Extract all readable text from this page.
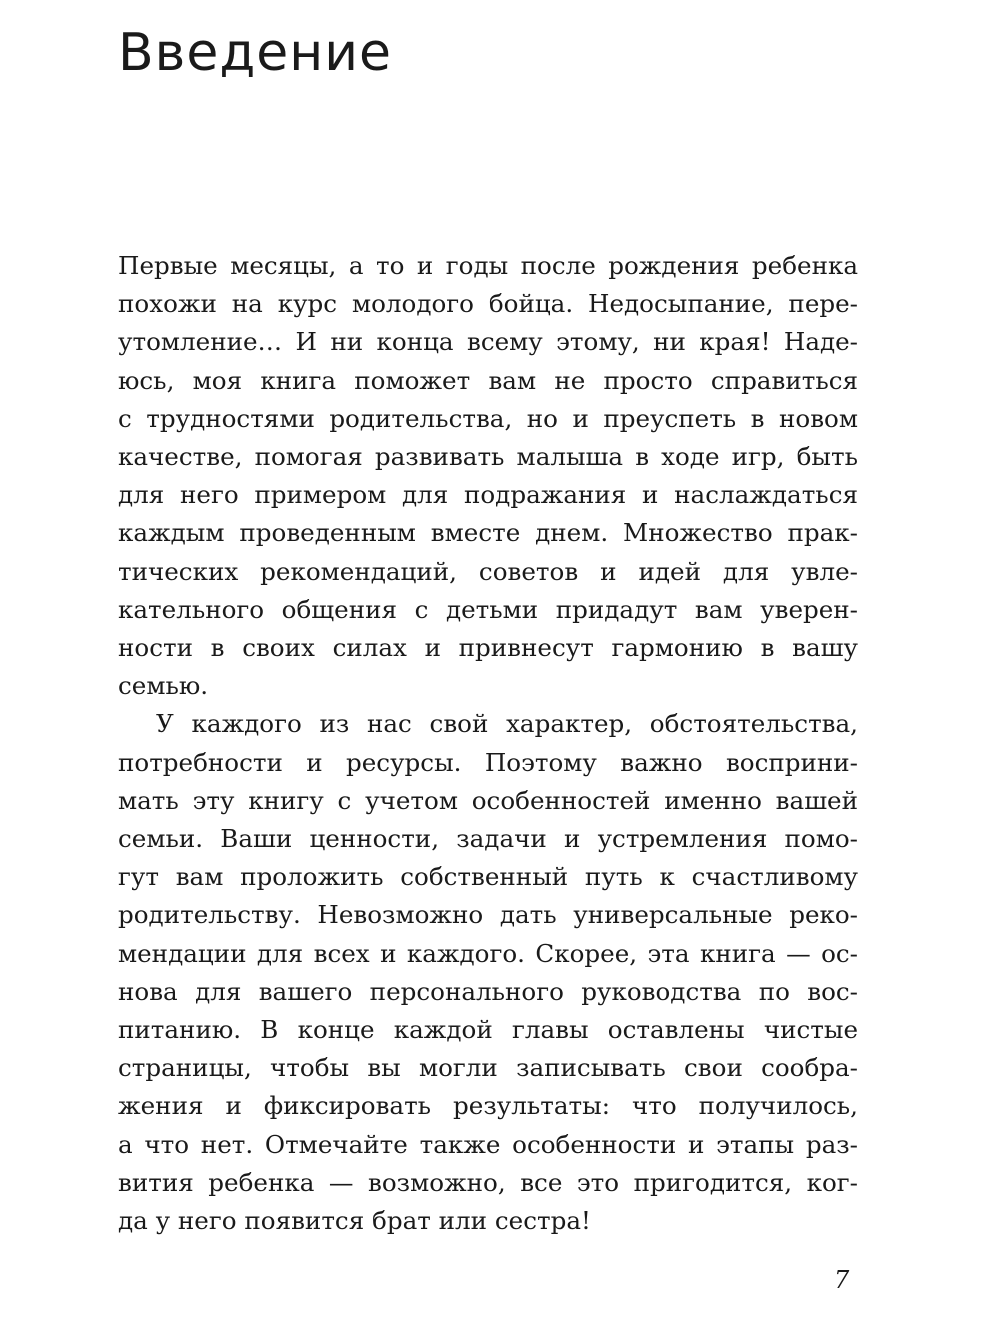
Введение
Первые месяцы, а то и годы после рождения ребенка
похожи на курс молодого бойца. Недосыпание, пере-
утомление… И ни конца всему этому, ни края! Наде-
юсь, моя книга поможет вам не просто справиться
с трудностями родительства, но и преуспеть в новом
качестве, помогая развивать малыша в ходе игр, быть
для него примером для подражания и наслаждаться
каждым проведенным вместе днем. Множество прак-
тических рекомендаций, советов и идей для увле-
кательного общения с детьми придадут вам уверен-
ности в своих силах и привнесут гармонию в вашу
семью.
У каждого из нас свой характер, обстоятельства,
потребности и ресурсы. Поэтому важно восприни-
мать эту книгу с учетом особенностей именно вашей
семьи. Ваши ценности, задачи и устремления помо-
гут вам проложить собственный путь к счастливому
родительству. Невозможно дать универсальные реко-
мендации для всех и каждого. Скорее, эта книга — ос-
нова для вашего персонального руководства по вос-
питанию. В конце каждой главы оставлены чистые
страницы, чтобы вы могли записывать свои сообра-
жения и фиксировать результаты: что получилось,
а что нет. Отмечайте также особенности и этапы раз-
вития ребенка — возможно, все это пригодится, ког-
да у него появится брат или сестра!
7
